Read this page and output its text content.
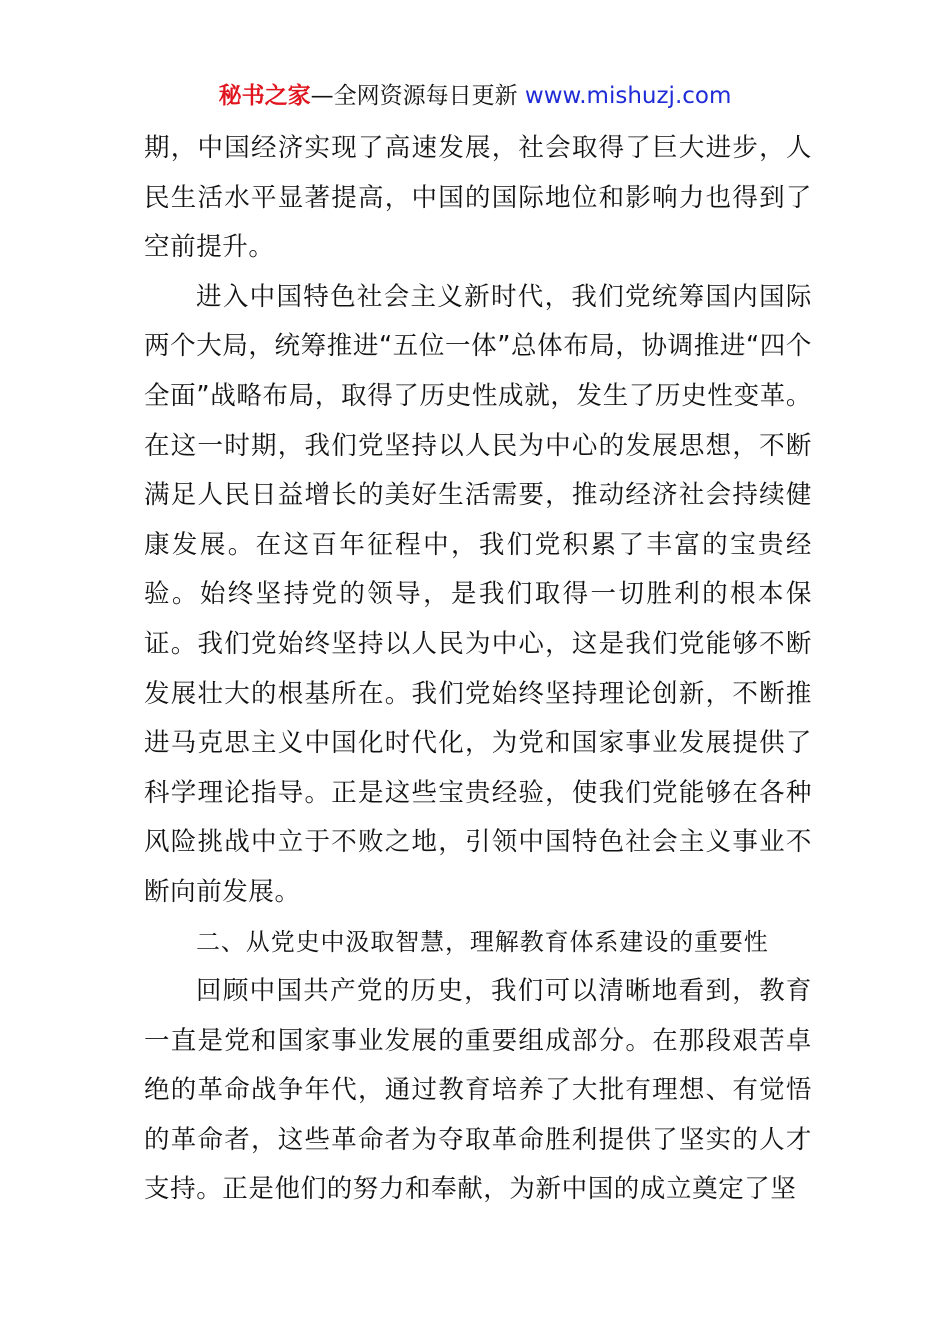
秘书之家—全网资源每日更新 www.mishuzj.com

期，中国经济实现了高速发展，社会取得了巨大进步，人民生活水平显著提高，中国的国际地位和影响力也得到了空前提升。

进入中国特色社会主义新时代，我们党统筹国内国际两个大局，统筹推进“五位一体”总体布局，协调推进“四个全面”战略布局，取得了历史性成就，发生了历史性变革。在这一时期，我们党坚持以人民为中心的发展思想，不断满足人民日益增长的美好生活需要，推动经济社会持续健康发展。在这百年征程中，我们党积累了丰富的宝贵经验。始终坚持党的领导，是我们取得一切胜利的根本保证。我们党始终坚持以人民为中心，这是我们党能够不断发展壮大的根基所在。我们党始终坚持理论创新，不断推进马克思主义中国化时代化，为党和国家事业发展提供了科学理论指导。正是这些宝贵经验，使我们党能够在各种风险挑战中立于不败之地，引领中国特色社会主义事业不断向前发展。

二、从党史中汲取智慧，理解教育体系建设的重要性

回顾中国共产党的历史，我们可以清晰地看到，教育一直是党和国家事业发展的重要组成部分。在那段艰苦卓绝的革命战争年代，通过教育培养了大批有理想、有觉悟的革命者，这些革命者为夺取革命胜利提供了坚实的人才支持。正是他们的努力和奉献，为新中国的成立奠定了坚
